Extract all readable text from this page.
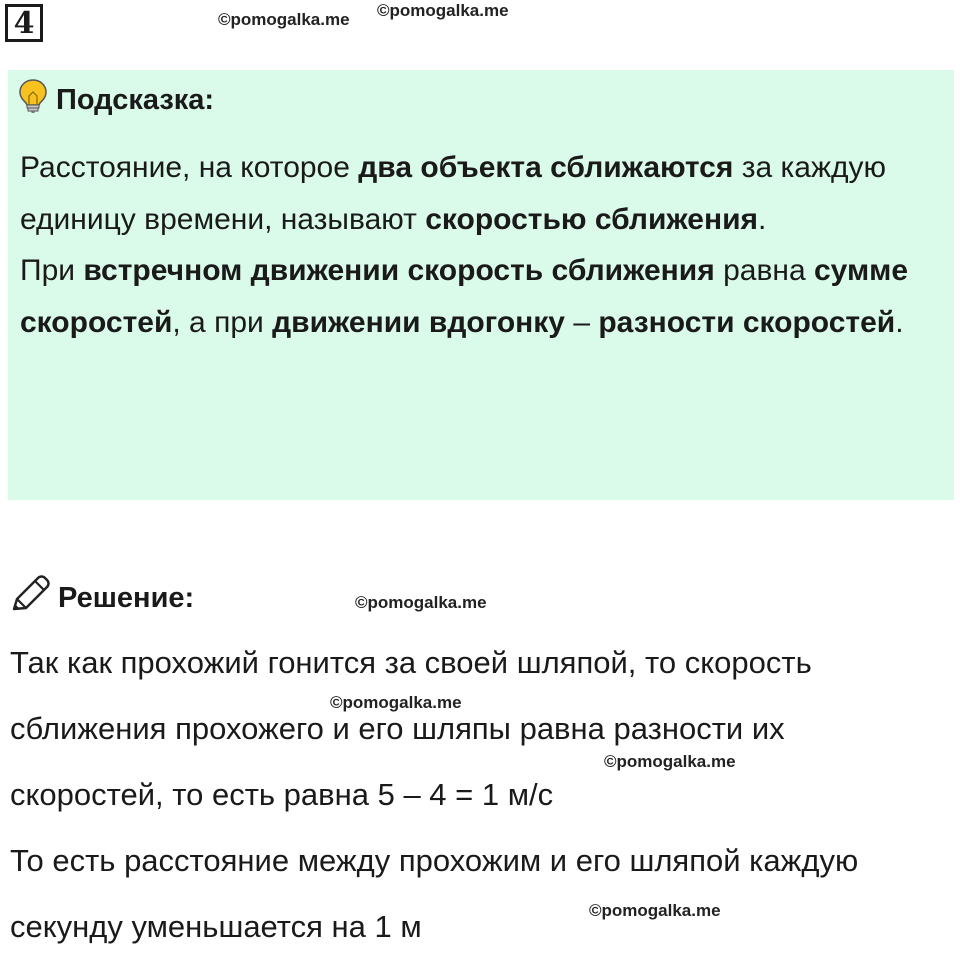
4	©pomogalka.me ©pomogalka.me
Подсказка:

Расстояние, на которое два объекта сближаются за каждую единицу времени, называют скоростью сближения.

При встречном движении скорость сближения равна сумме скоростей, а при движении вдогонку – разности скоростей.

Решение:	©pomogalka.me

Так как прохожий гонится за своей шляпой, то скорость

©pomogalka.me

сближения прохожего и его шляпы равна разности их

©pomogalka.me

скоростей, то есть равна 5 – 4 = 1 м/с

То есть расстояние между прохожим и его шляпой каждую

©pomogalka.me

секунду уменьшается на 1 м
